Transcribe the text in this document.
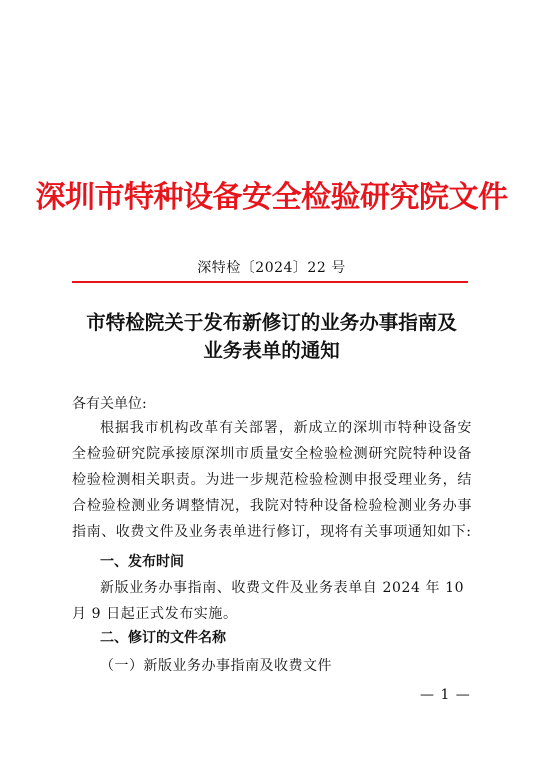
深圳市特种设备安全检验研究院文件
深特检〔2024〕22 号
市特检院关于发布新修订的业务办事指南及
业务表单的通知
各有关单位:
根据我市机构改革有关部署，新成立的深圳市特种设备安全检验研究院承接原深圳市质量安全检验检测研究院特种设备检验检测相关职责。为进一步规范检验检测申报受理业务，结合检验检测业务调整情况，我院对特种设备检验检测业务办事指南、收费文件及业务表单进行修订，现将有关事项通知如下:
一、发布时间
新版业务办事指南、收费文件及业务表单自 2024 年 10 月 9 日起正式发布实施。
二、修订的文件名称
（一）新版业务办事指南及收费文件
— 1 —
